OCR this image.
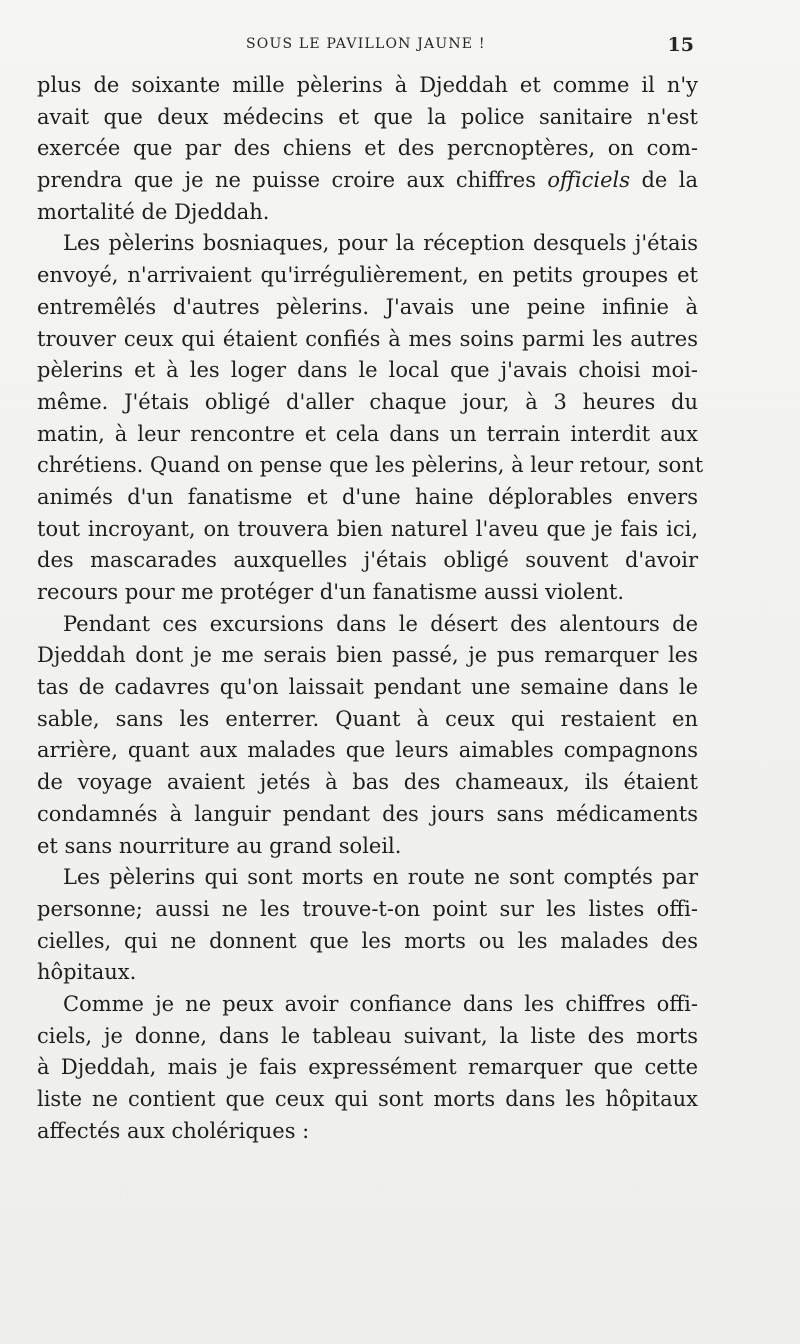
SOUS LE PAVILLON JAUNE !	15
plus de soixante mille pèlerins à Djeddah et comme il n'y
avait que deux médecins et que la police sanitaire n'est
exercée que par des chiens et des percnoptères, on com-
prendra que je ne puisse croire aux chiffres officiels de la
mortalité de Djeddah.
Les pèlerins bosniaques, pour la réception desquels j'étais
envoyé, n'arrivaient qu'irrégulièrement, en petits groupes et
entremêlés d'autres pèlerins. J'avais une peine infinie à
trouver ceux qui étaient confiés à mes soins parmi les autres
pèlerins et à les loger dans le local que j'avais choisi moi-
même. J'étais obligé d'aller chaque jour, à 3 heures du
matin, à leur rencontre et cela dans un terrain interdit aux
chrétiens. Quand on pense que les pèlerins, à leur retour, sont
animés d'un fanatisme et d'une haine déplorables envers
tout incroyant, on trouvera bien naturel l'aveu que je fais ici,
des mascarades auxquelles j'étais obligé souvent d'avoir
recours pour me protéger d'un fanatisme aussi violent.
Pendant ces excursions dans le désert des alentours de
Djeddah dont je me serais bien passé, je pus remarquer les
tas de cadavres qu'on laissait pendant une semaine dans le
sable, sans les enterrer. Quant à ceux qui restaient en
arrière, quant aux malades que leurs aimables compagnons
de voyage avaient jetés à bas des chameaux, ils étaient
condamnés à languir pendant des jours sans médicaments
et sans nourriture au grand soleil.
Les pèlerins qui sont morts en route ne sont comptés par
personne; aussi ne les trouve-t-on point sur les listes offi-
cielles, qui ne donnent que les morts ou les malades des
hôpitaux.
Comme je ne peux avoir confiance dans les chiffres offi-
ciels, je donne, dans le tableau suivant, la liste des morts
à Djeddah, mais je fais expressément remarquer que cette
liste ne contient que ceux qui sont morts dans les hôpitaux
affectés aux cholériques :
